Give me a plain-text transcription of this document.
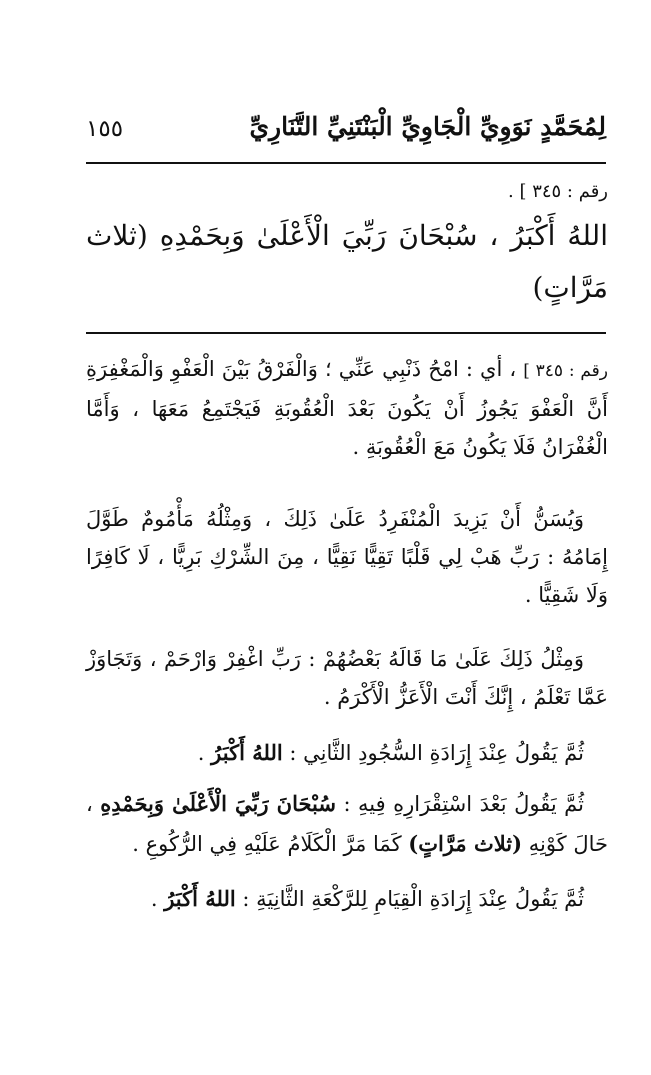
لِمُحَمَّدٍ نَوَوِيِّ الْجَاوِيِّ الْبَنْتَنِيِّ التَّنَارِيِّ
١٥٥
رقم : ٣٤٥ ] .
اللهُ أَكْبَرُ ، سُبْحَانَ رَبِّيَ الْأَعْلَىٰ وَبِحَمْدِهِ (ثلاث مَرَّاتٍ)
رقم : ٣٤٥ ] ، أي : امْحُ ذَنْبِي عَنِّي ؛ وَالْفَرْقُ بَيْنَ الْعَفْوِ وَالْمَغْفِرَةِ أَنَّ الْعَفْوَ يَجُوزُ أَنْ يَكُونَ بَعْدَ الْعُقُوبَةِ فَيَجْتَمِعُ مَعَهَا ، وَأَمَّا الْغُفْرَانُ فَلَا يَكُونُ مَعَ الْعُقُوبَةِ .
وَيُسَنُّ أَنْ يَزِيدَ الْمُنْفَرِدُ عَلَىٰ ذَلِكَ ، وَمِثْلُهُ مَأْمُومٌ طَوَّلَ إِمَامُهُ : رَبِّ هَبْ لِي قَلْبًا تَقِيًّا نَقِيًّا ، مِنَ الشِّرْكِ بَرِيًّا ، لَا كَافِرًا وَلَا شَقِيًّا .
وَمِثْلُ ذَلِكَ عَلَىٰ مَا قَالَهُ بَعْضُهُمْ : رَبِّ اغْفِرْ وَارْحَمْ ، وَتَجَاوَزْ عَمَّا تَعْلَمُ ، إِنَّكَ أَنْتَ الْأَعَزُّ الْأَكْرَمُ .
ثُمَّ يَقُولُ عِنْدَ إِرَادَةِ السُّجُودِ الثَّانِي : اللهُ أَكْبَرُ .
ثُمَّ يَقُولُ بَعْدَ اسْتِقْرَارِهِ فِيهِ : سُبْحَانَ رَبِّيَ الْأَعْلَىٰ وَبِحَمْدِهِ ، حَالَ كَوْنِهِ (ثلاث مَرَّاتٍ) كَمَا مَرَّ الْكَلَامُ عَلَيْهِ فِي الرُّكُوعِ .
ثُمَّ يَقُولُ عِنْدَ إِرَادَةِ الْقِيَامِ لِلرَّكْعَةِ الثَّانِيَةِ : اللهُ أَكْبَرُ .
